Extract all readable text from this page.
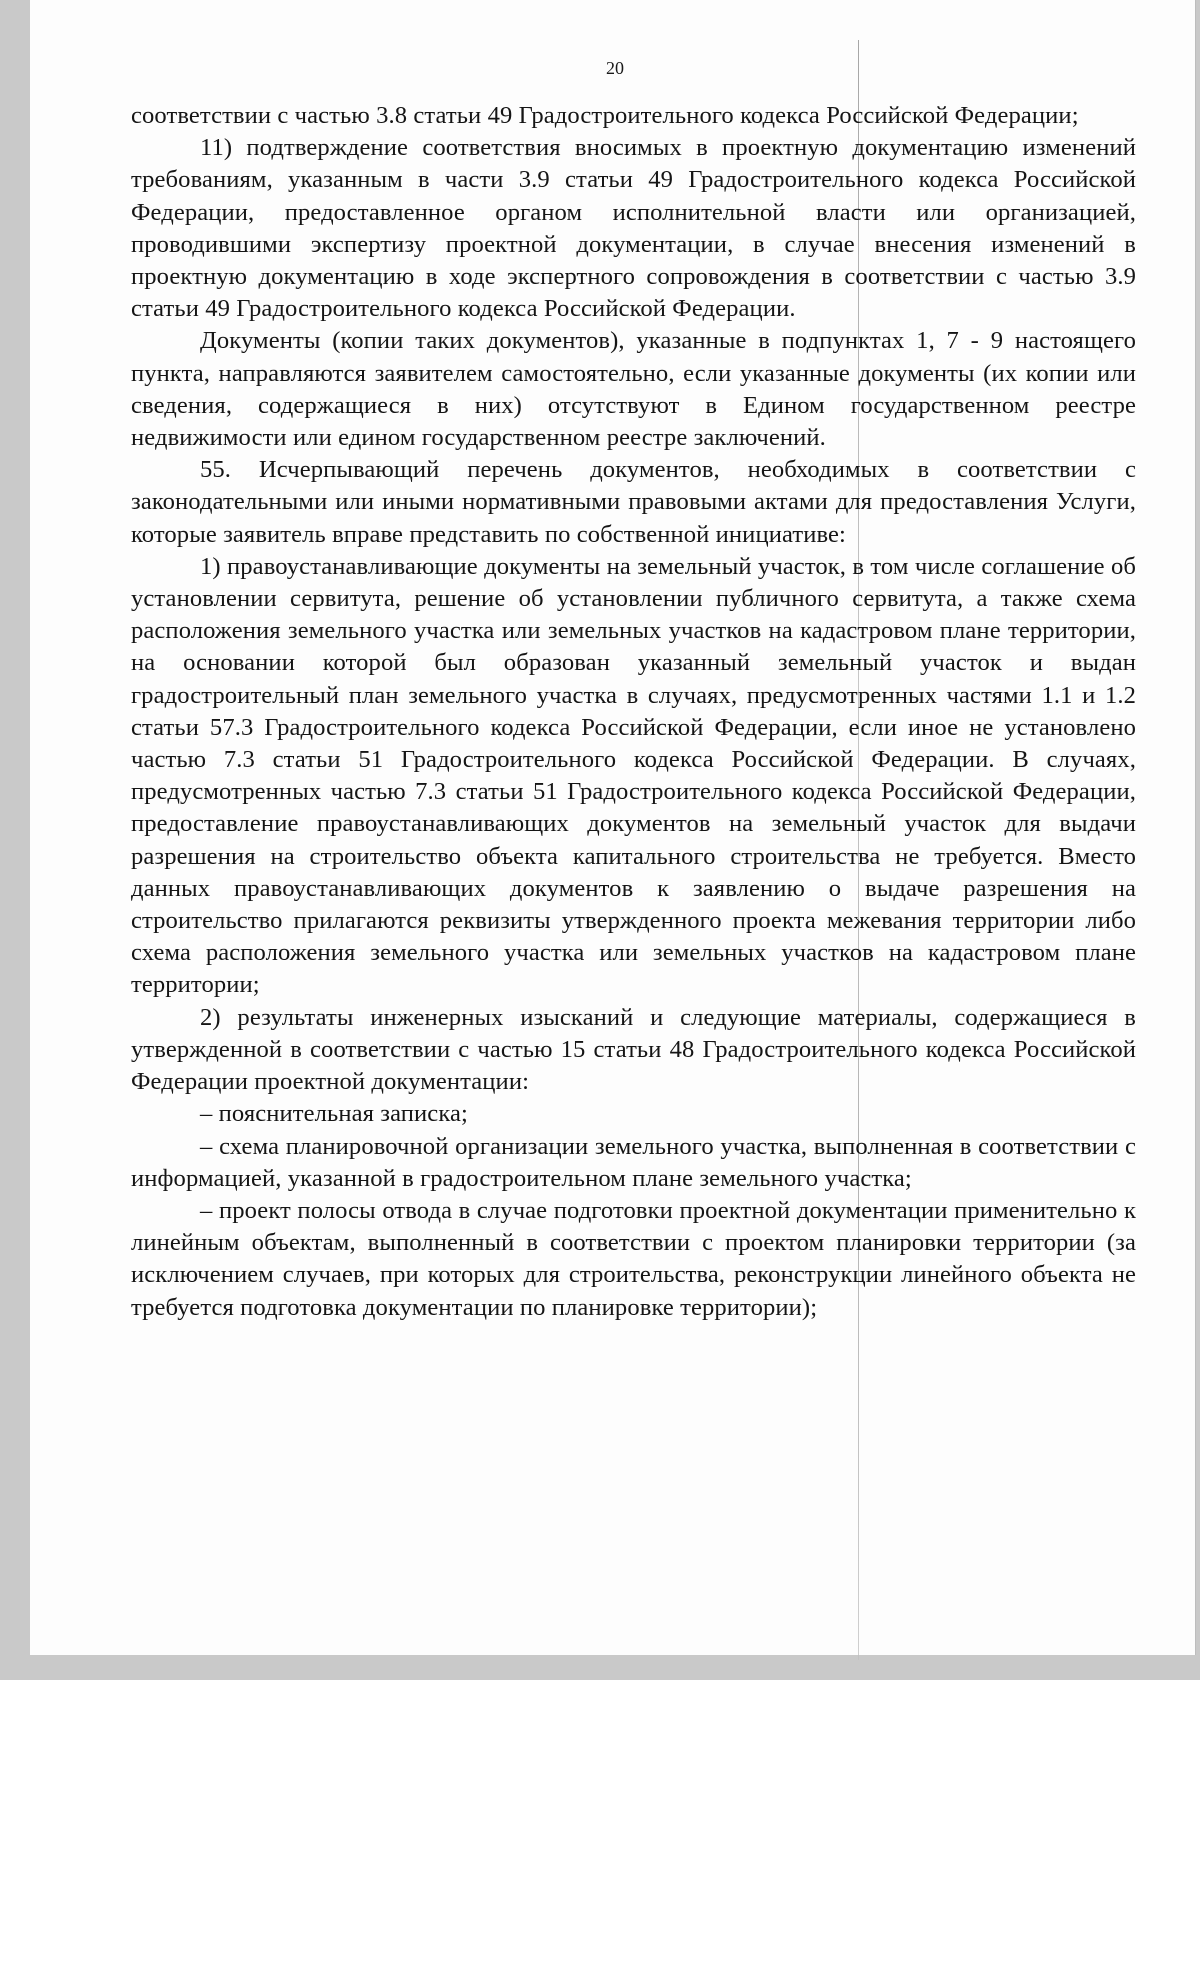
20

соответствии с частью 3.8 статьи 49 Градостроительного кодекса Российской Федерации;

11) подтверждение соответствия вносимых в проектную документацию изменений требованиям, указанным в части 3.9 статьи 49 Градостроительного кодекса Российской Федерации, предоставленное органом исполнительной власти или организацией, проводившими экспертизу проектной документации, в случае внесения изменений в проектную документацию в ходе экспертного сопровождения в соответствии с частью 3.9 статьи 49 Градостроительного кодекса Российской Федерации.

Документы (копии таких документов), указанные в подпунктах 1, 7 - 9 настоящего пункта, направляются заявителем самостоятельно, если указанные документы (их копии или сведения, содержащиеся в них) отсутствуют в Едином государственном реестре недвижимости или едином государственном реестре заключений.

55. Исчерпывающий перечень документов, необходимых в соответствии с законодательными или иными нормативными правовыми актами для предоставления Услуги, которые заявитель вправе представить по собственной инициативе:

1) правоустанавливающие документы на земельный участок, в том числе соглашение об установлении сервитута, решение об установлении публичного сервитута, а также схема расположения земельного участка или земельных участков на кадастровом плане территории, на основании которой был образован указанный земельный участок и выдан градостроительный план земельного участка в случаях, предусмотренных частями 1.1 и 1.2 статьи 57.3 Градостроительного кодекса Российской Федерации, если иное не установлено частью 7.3 статьи 51 Градостроительного кодекса Российской Федерации. В случаях, предусмотренных частью 7.3 статьи 51 Градостроительного кодекса Российской Федерации, предоставление правоустанавливающих документов на земельный участок для выдачи разрешения на строительство объекта капитального строительства не требуется. Вместо данных правоустанавливающих документов к заявлению о выдаче разрешения на строительство прилагаются реквизиты утвержденного проекта межевания территории либо схема расположения земельного участка или земельных участков на кадастровом плане территории;

2) результаты инженерных изысканий и следующие материалы, содержащиеся в утвержденной в соответствии с частью 15 статьи 48 Градостроительного кодекса Российской Федерации проектной документации:

– пояснительная записка;

– схема планировочной организации земельного участка, выполненная в соответствии с информацией, указанной в градостроительном плане земельного участка;

– проект полосы отвода в случае подготовки проектной документации применительно к линейным объектам, выполненный в соответствии с проектом планировки территории (за исключением случаев, при которых для строительства, реконструкции линейного объекта не требуется подготовка документации по планировке территории);
